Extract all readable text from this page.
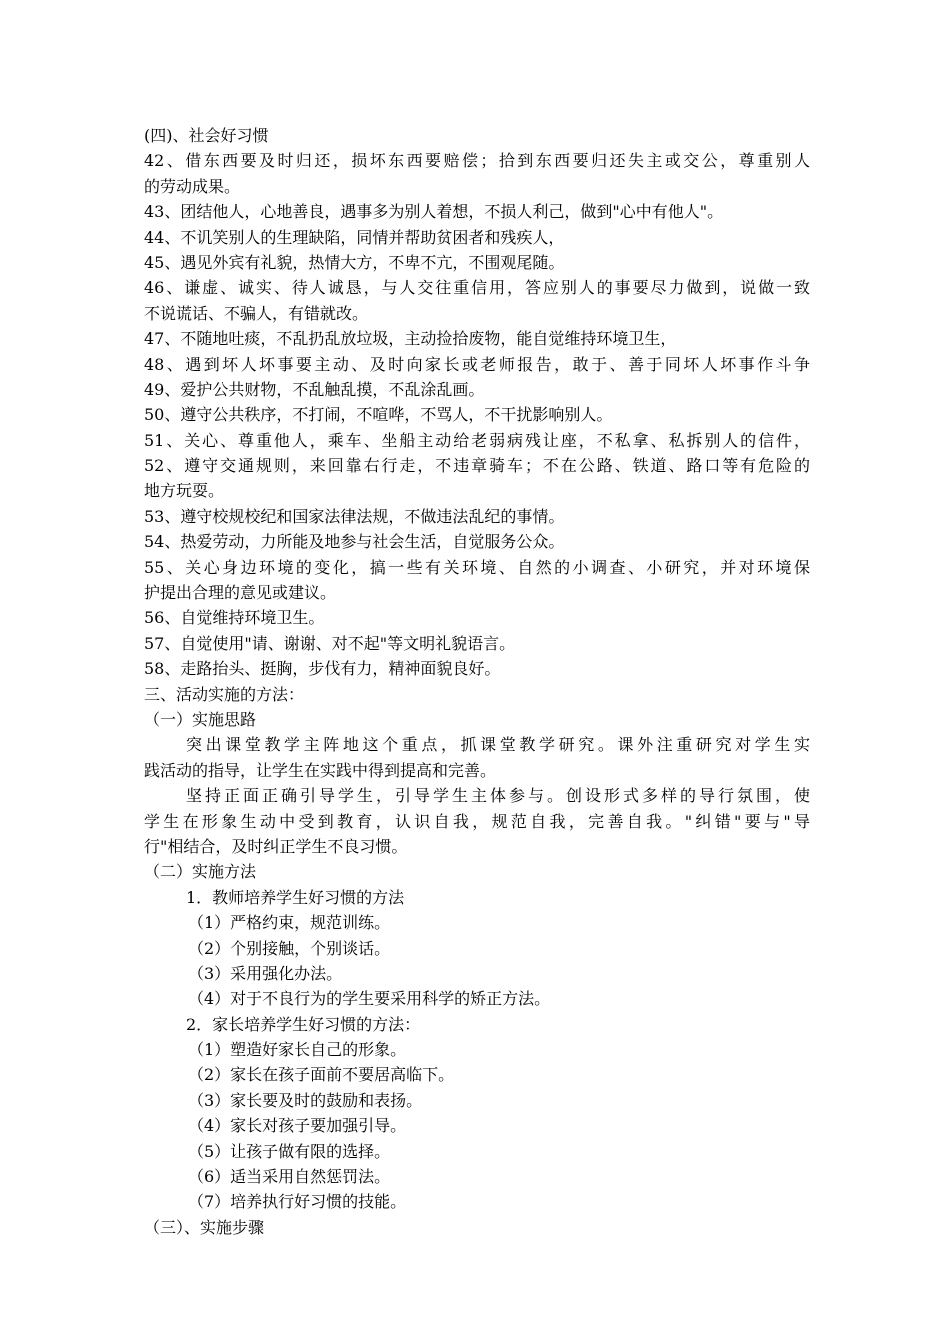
(四)、社会好习惯
42、借东西要及时归还，损坏东西要赔偿；拾到东西要归还失主或交公，尊重别人
的劳动成果。
43、团结他人，心地善良，遇事多为别人着想，不损人利己，做到"心中有他人"。
44、不讥笑别人的生理缺陷，同情并帮助贫困者和残疾人，
45、遇见外宾有礼貌，热情大方，不卑不亢，不围观尾随。
46、谦虚、诚实、待人诚恳，与人交往重信用，答应别人的事要尽力做到，说做一致
不说谎话、不骗人，有错就改。
47、不随地吐痰，不乱扔乱放垃圾，主动捡拾废物，能自觉维持环境卫生，
48、遇到坏人坏事要主动、及时向家长或老师报告，敢于、善于同坏人坏事作斗争
49、爱护公共财物，不乱触乱摸，不乱涂乱画。
50、遵守公共秩序，不打闹，不喧哗，不骂人，不干扰影响别人。
51、关心、尊重他人，乘车、坐船主动给老弱病残让座，不私拿、私拆别人的信件，
52、遵守交通规则，来回靠右行走，不违章骑车；不在公路、铁道、路口等有危险的
地方玩耍。
53、遵守校规校纪和国家法律法规，不做违法乱纪的事情。
54、热爱劳动，力所能及地参与社会生活，自觉服务公众。
55、关心身边环境的变化，搞一些有关环境、自然的小调查、小研究，并对环境保
护提出合理的意见或建议。
56、自觉维持环境卫生。
57、自觉使用"请、谢谢、对不起"等文明礼貌语言。
58、走路抬头、挺胸，步伐有力，精神面貌良好。
三、活动实施的方法：
（一）实施思路
突出课堂教学主阵地这个重点，抓课堂教学研究。课外注重研究对学生实
践活动的指导，让学生在实践中得到提高和完善。
坚持正面正确引导学生，引导学生主体参与。创设形式多样的导行氛围，使
学生在形象生动中受到教育，认识自我，规范自我，完善自我。"纠错"要与"导
行"相结合，及时纠正学生不良习惯。
（二）实施方法
1．教师培养学生好习惯的方法
（1）严格约束，规范训练。
（2）个别接触，个别谈话。
（3）采用强化办法。
（4）对于不良行为的学生要采用科学的矫正方法。
2．家长培养学生好习惯的方法：
（1）塑造好家长自己的形象。
（2）家长在孩子面前不要居高临下。
（3）家长要及时的鼓励和表扬。
（4）家长对孩子要加强引导。
（5）让孩子做有限的选择。
（6）适当采用自然惩罚法。
（7）培养执行好习惯的技能。
（三）、实施步骤
